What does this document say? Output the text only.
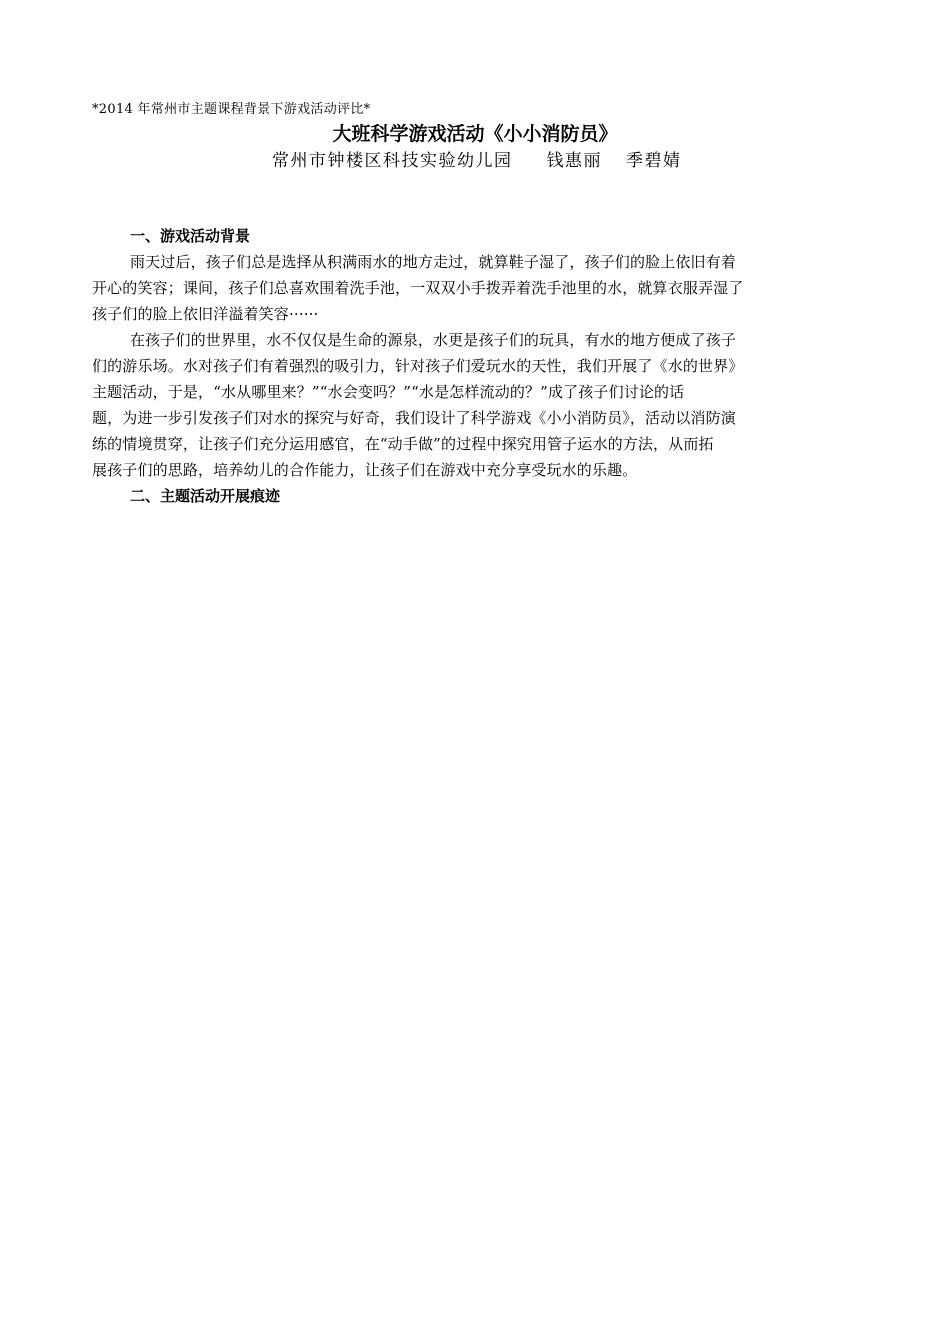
*2014 年常州市主题课程背景下游戏活动评比*
大班科学游戏活动《小小消防员》
常州市钟楼区科技实验幼儿园 钱惠丽 季碧婧
一、游戏活动背景
雨天过后，孩子们总是选择从积满雨水的地方走过，就算鞋子湿了，孩子们的脸上依旧有着
开心的笑容；课间，孩子们总喜欢围着洗手池，一双双小手拨弄着洗手池里的水，就算衣服弄湿了
孩子们的脸上依旧洋溢着笑容······
在孩子们的世界里，水不仅仅是生命的源泉，水更是孩子们的玩具，有水的地方便成了孩子
们的游乐场。水对孩子们有着强烈的吸引力，针对孩子们爱玩水的天性，我们开展了《水的世界》
主题活动，于是，“水从哪里来？”“水会变吗？”“水是怎样流动的？”成了孩子们讨论的话
题，为进一步引发孩子们对水的探究与好奇，我们设计了科学游戏《小小消防员》，活动以消防演
练的情境贯穿，让孩子们充分运用感官，在“动手做”的过程中探究用管子运水的方法，从而拓
展孩子们的思路，培养幼儿的合作能力，让孩子们在游戏中充分享受玩水的乐趣。
二、主题活动开展痕迹
